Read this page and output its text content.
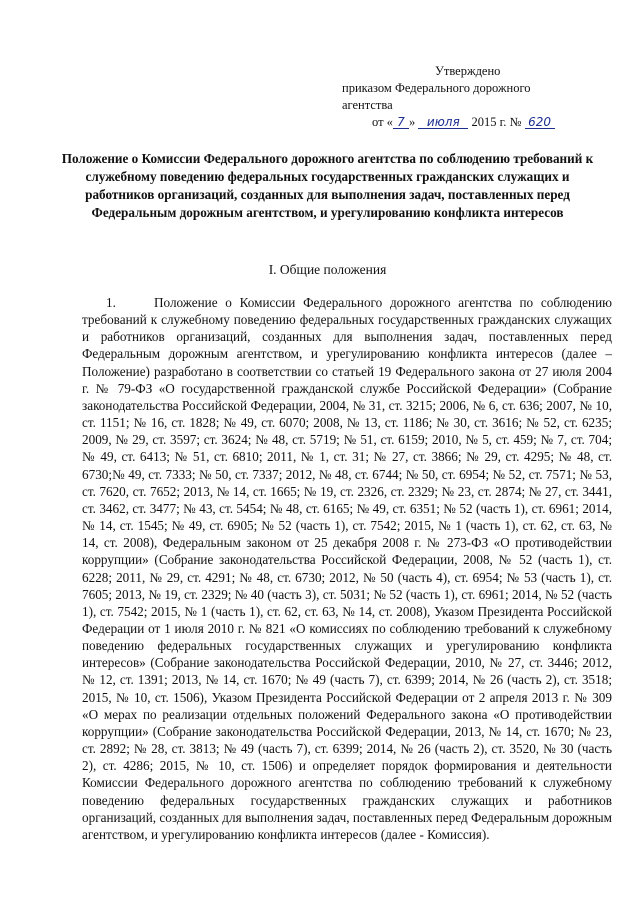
Утверждено
приказом Федерального дорожного агентства
от « 7 » июля 2015 г. № 620
Положение о Комиссии Федерального дорожного агентства по соблюдению требований к служебному поведению федеральных государственных гражданских служащих и работников организаций, созданных для выполнения задач, поставленных перед Федеральным дорожным агентством, и урегулированию конфликта интересов
I. Общие положения

1.	Положение о Комиссии Федерального дорожного агентства по соблюдению требований к служебному поведению федеральных государственных гражданских служащих и работников организаций, созданных для выполнения задач, поставленных перед Федеральным дорожным агентством, и урегулированию конфликта интересов (далее – Положение) разработано в соответствии со статьей 19 Федерального закона от 27 июля 2004 г. № 79-ФЗ «О государственной гражданской службе Российской Федерации» (Собрание законодательства Российской Федерации, 2004, № 31, ст. 3215; 2006, № 6, ст. 636; 2007, № 10, ст. 1151; № 16, ст. 1828; № 49, ст. 6070; 2008, № 13, ст. 1186; № 30, ст. 3616; № 52, ст. 6235; 2009, № 29, ст. 3597; ст. 3624; № 48, ст. 5719; № 51, ст. 6159; 2010, № 5, ст. 459; № 7, ст. 704; № 49, ст. 6413; № 51, ст. 6810; 2011, № 1, ст. 31; № 27, ст. 3866; № 29, ст. 4295; № 48, ст. 6730;№ 49, ст. 7333; № 50, ст. 7337; 2012, № 48, ст. 6744; № 50, ст. 6954; № 52, ст. 7571; № 53, ст. 7620, ст. 7652; 2013, № 14, ст. 1665; № 19, ст. 2326, ст. 2329; № 23, ст. 2874; № 27, ст. 3441, ст. 3462, ст. 3477; № 43, ст. 5454; № 48, ст. 6165; № 49, ст. 6351; № 52 (часть 1), ст. 6961; 2014, № 14, ст. 1545; № 49, ст. 6905; № 52 (часть 1), ст. 7542; 2015, № 1 (часть 1), ст. 62, ст. 63, № 14, ст. 2008), Федеральным законом от 25 декабря 2008 г. № 273-ФЗ «О противодействии коррупции» (Собрание законодательства Российской Федерации, 2008, № 52 (часть 1), ст. 6228; 2011, № 29, ст. 4291; № 48, ст. 6730; 2012, № 50 (часть 4), ст. 6954; № 53 (часть 1), ст. 7605; 2013, № 19, ст. 2329; № 40 (часть 3), ст. 5031; № 52 (часть 1), ст. 6961; 2014, № 52 (часть 1), ст. 7542; 2015, № 1 (часть 1), ст. 62, ст. 63, № 14, ст. 2008), Указом Президента Российской Федерации от 1 июля 2010 г. № 821 «О комиссиях по соблюдению требований к служебному поведению федеральных государственных служащих и урегулированию конфликта интересов» (Собрание законодательства Российской Федерации, 2010, № 27, ст. 3446; 2012, № 12, ст. 1391; 2013, № 14, ст. 1670; № 49 (часть 7), ст. 6399; 2014, № 26 (часть 2), ст. 3518; 2015, № 10, ст. 1506), Указом Президента Российской Федерации от 2 апреля 2013 г. № 309 «О мерах по реализации отдельных положений Федерального закона «О противодействии коррупции» (Собрание законодательства Российской Федерации, 2013, № 14, ст. 1670; № 23, ст. 2892; № 28, ст. 3813; № 49 (часть 7), ст. 6399; 2014, № 26 (часть 2), ст. 3520, № 30 (часть 2), ст. 4286; 2015, № 10, ст. 1506) и определяет порядок формирования и деятельности Комиссии Федерального дорожного агентства по соблюдению требований к служебному поведению федеральных государственных гражданских служащих и работников организаций, созданных для выполнения задач, поставленных перед Федеральным дорожным агентством, и урегулированию конфликта интересов (далее - Комиссия).
